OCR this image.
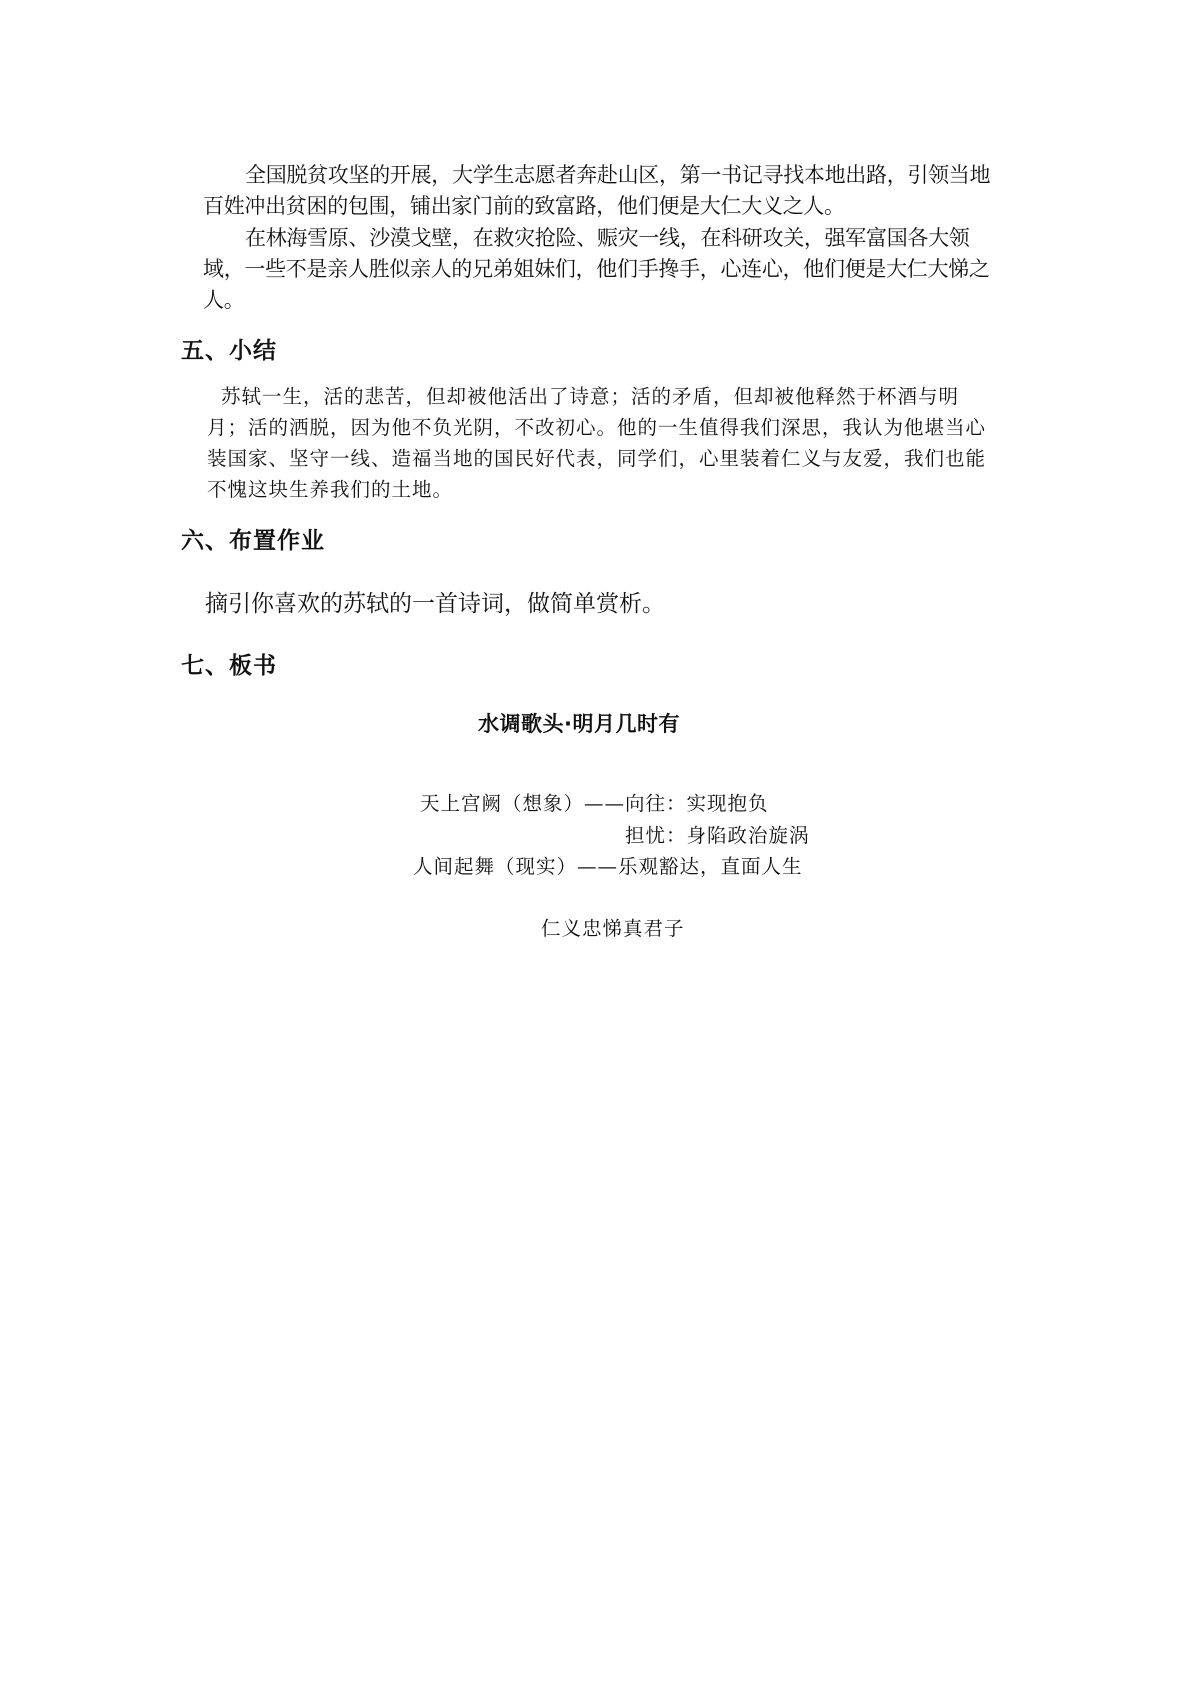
全国脱贫攻坚的开展，大学生志愿者奔赴山区，第一书记寻找本地出路，引领当地
百姓冲出贫困的包围，铺出家门前的致富路，他们便是大仁大义之人。
在林海雪原、沙漠戈壁，在救灾抢险、赈灾一线，在科研攻关，强军富国各大领
域，一些不是亲人胜似亲人的兄弟姐妹们，他们手搀手，心连心，他们便是大仁大悌之
人。
五、小结
苏轼一生，活的悲苦，但却被他活出了诗意；活的矛盾，但却被他释然于杯酒与明
月；活的洒脱，因为他不负光阴，不改初心。他的一生值得我们深思，我认为他堪当心
装国家、坚守一线、造福当地的国民好代表，同学们，心里装着仁义与友爱，我们也能
不愧这块生养我们的土地。
六、布置作业
摘引你喜欢的苏轼的一首诗词，做简单赏析。
七、板书
水调歌头·明月几时有
天上宫阙（想象）——向往：实现抱负
担忧：身陷政治旋涡
人间起舞（现实）——乐观豁达，直面人生
仁义忠悌真君子
